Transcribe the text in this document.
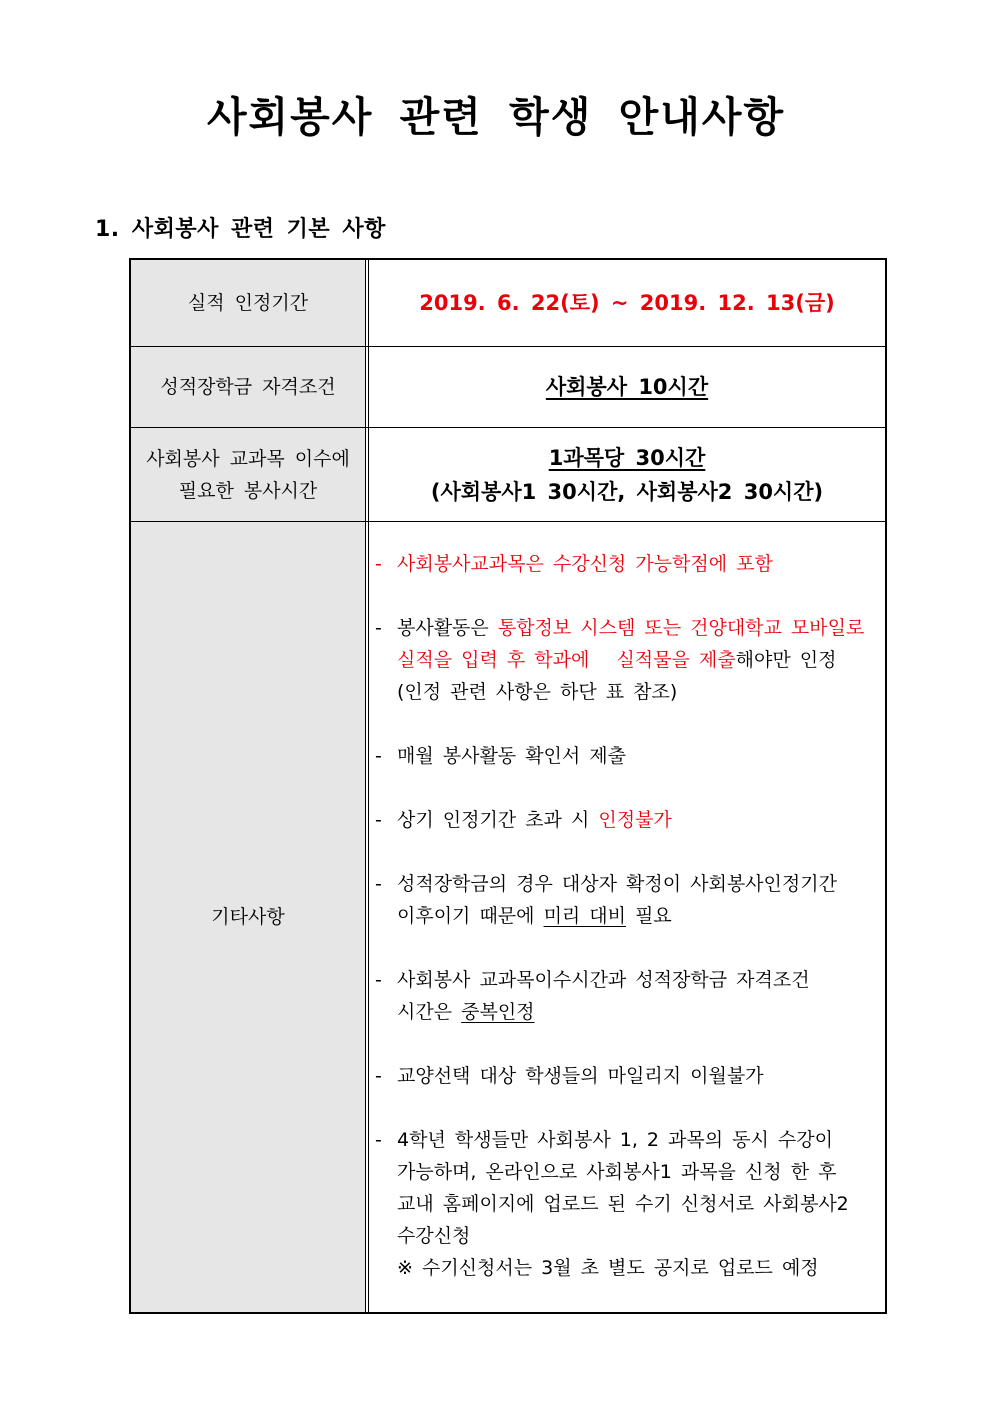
사회봉사 관련 학생 안내사항
1. 사회봉사 관련 기본 사항
실적 인정기간	2019. 6. 22(토) ~ 2019. 12. 13(금)
성적장학금 자격조건	사회봉사 10시간
사회봉사 교과목 이수에
필요한 봉사시간
1과목당 30시간
(사회봉사1 30시간, 사회봉사2 30시간)
기타사항
- 사회봉사교과목은 수강신청 가능학점에 포함

- 봉사활동은 통합정보 시스템 또는 건양대학교 모바일로

실적을 입력 후 학과에 실적물을 제출해야만 인정

(인정 관련 사항은 하단 표 참조)

- 매월 봉사활동 확인서 제출

- 상기 인정기간 초과 시 인정불가

- 성적장학금의 경우 대상자 확정이 사회봉사인정기간

이후이기 때문에 미리 대비 필요

- 사회봉사 교과목이수시간과 성적장학금 자격조건

시간은 중복인정

- 교양선택 대상 학생들의 마일리지 이월불가

- 4학년 학생들만 사회봉사 1, 2 과목의 동시 수강이

가능하며, 온라인으로 사회봉사1 과목을 신청 한 후

교내 홈페이지에 업로드 된 수기 신청서로 사회봉사2

수강신청

※ 수기신청서는 3월 초 별도 공지로 업로드 예정
